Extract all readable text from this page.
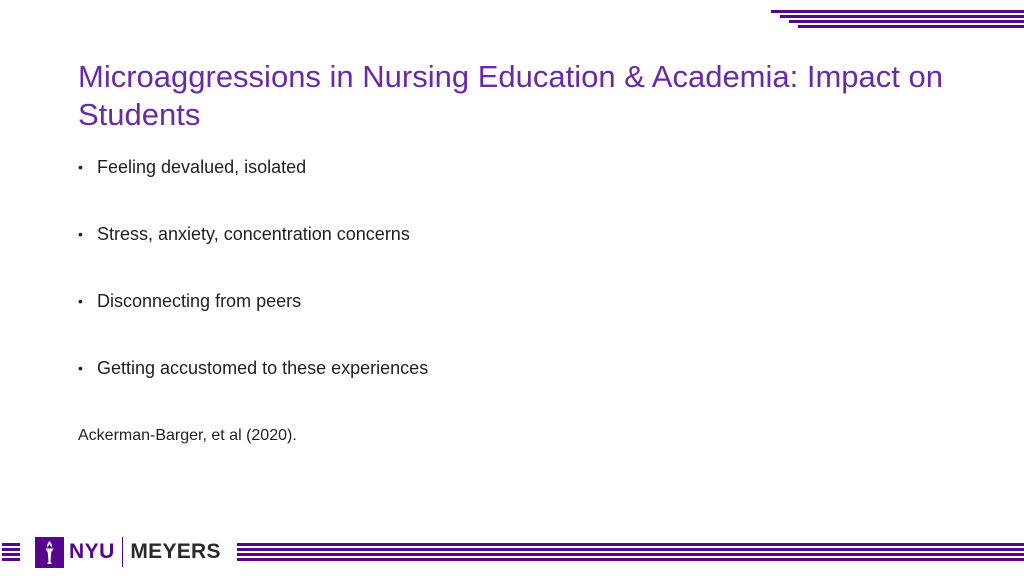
Microaggressions in Nursing Education & Academia: Impact on Students
• Feeling devalued, isolated
• Stress, anxiety, concentration concerns
• Disconnecting from peers
• Getting accustomed to these experiences

Ackerman-Barger, et al (2020).

NYU MEYERS
